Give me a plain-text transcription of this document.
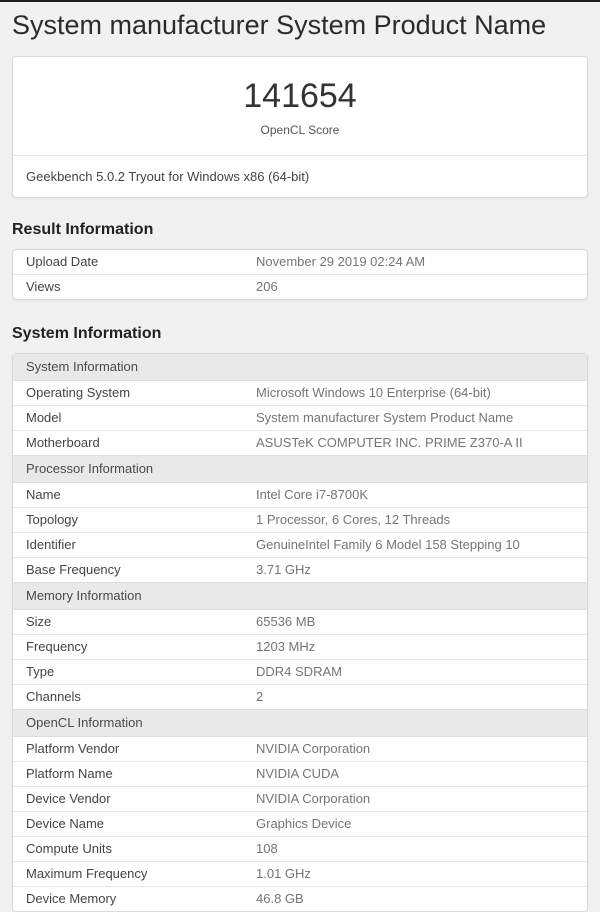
System manufacturer System Product Name
141654
OpenCL Score
Geekbench 5.0.2 Tryout for Windows x86 (64-bit)
Result Information
Upload Date	November 29 2019 02:24 AM
Views	206
System Information
System Information
Operating System	Microsoft Windows 10 Enterprise (64-bit)
Model	System manufacturer System Product Name
Motherboard	ASUSTeK COMPUTER INC. PRIME Z370-A II
Processor Information
Name	Intel Core i7-8700K
Topology	1 Processor, 6 Cores, 12 Threads
Identifier	GenuineIntel Family 6 Model 158 Stepping 10
Base Frequency	3.71 GHz
Memory Information
Size	65536 MB
Frequency	1203 MHz
Type	DDR4 SDRAM
Channels	2
OpenCL Information
Platform Vendor	NVIDIA Corporation
Platform Name	NVIDIA CUDA
Device Vendor	NVIDIA Corporation
Device Name	Graphics Device
Compute Units	108
Maximum Frequency	1.01 GHz
Device Memory	46.8 GB
